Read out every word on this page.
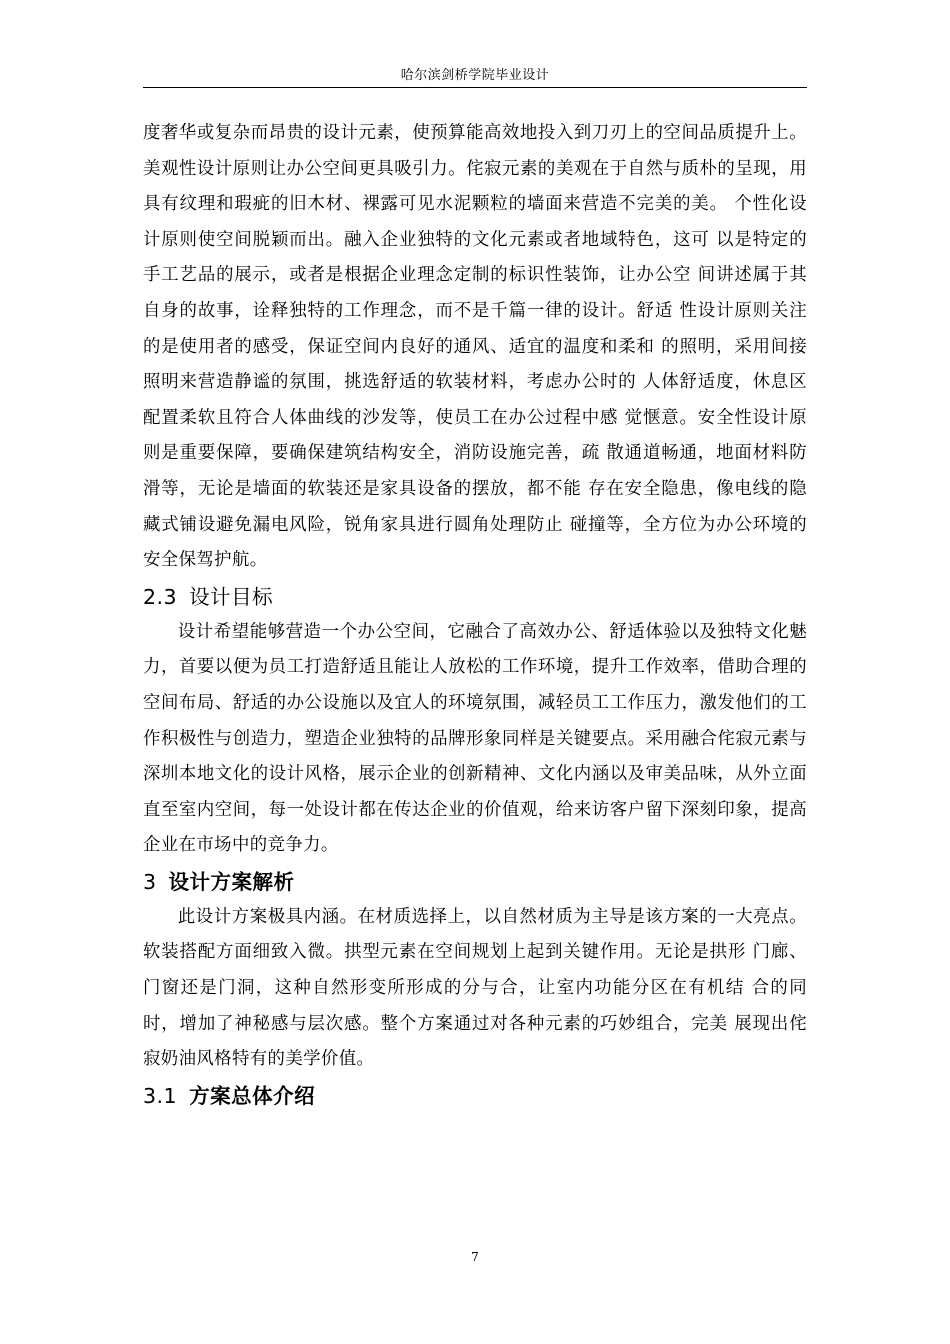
哈尔滨剑桥学院毕业设计

度奢华或复杂而昂贵的设计元素，使预算能高效地投入到刀刃上的空间品质提升上。美观性设计原则让办公空间更具吸引力。侘寂元素的美观在于自然与质朴的呈现，用具有纹理和瑕疵的旧木材、裸露可见水泥颗粒的墙面来营造不完美的美。 个性化设计原则使空间脱颖而出。融入企业独特的文化元素或者地域特色，这可 以是特定的手工艺品的展示，或者是根据企业理念定制的标识性装饰，让办公空 间讲述属于其自身的故事，诠释独特的工作理念，而不是千篇一律的设计。舒适 性设计原则关注的是使用者的感受，保证空间内良好的通风、适宜的温度和柔和 的照明，采用间接照明来营造静谧的氛围，挑选舒适的软装材料，考虑办公时的 人体舒适度，休息区配置柔软且符合人体曲线的沙发等，使员工在办公过程中感 觉惬意。安全性设计原则是重要保障，要确保建筑结构安全，消防设施完善，疏 散通道畅通，地面材料防滑等，无论是墙面的软装还是家具设备的摆放，都不能 存在安全隐患，像电线的隐藏式铺设避免漏电风险，锐角家具进行圆角处理防止 碰撞等，全方位为办公环境的安全保驾护航。

2.3 设计目标

设计希望能够营造一个办公空间，它融合了高效办公、舒适体验以及独特文化魅力，首要以便为员工打造舒适且能让人放松的工作环境，提升工作效率，借助合理的空间布局、舒适的办公设施以及宜人的环境氛围，减轻员工工作压力，激发他们的工作积极性与创造力，塑造企业独特的品牌形象同样是关键要点。采用融合侘寂元素与深圳本地文化的设计风格，展示企业的创新精神、文化内涵以及审美品味，从外立面直至室内空间，每一处设计都在传达企业的价值观，给来访客户留下深刻印象，提高企业在市场中的竞争力。

3 设计方案解析

此设计方案极具内涵。在材质选择上，以自然材质为主导是该方案的一大亮点。软装搭配方面细致入微。拱型元素在空间规划上起到关键作用。无论是拱形 门廊、门窗还是门洞，这种自然形变所形成的分与合，让室内功能分区在有机结 合的同时，增加了神秘感与层次感。整个方案通过对各种元素的巧妙组合，完美 展现出侘寂奶油风格特有的美学价值。

3.1 方案总体介绍
7
